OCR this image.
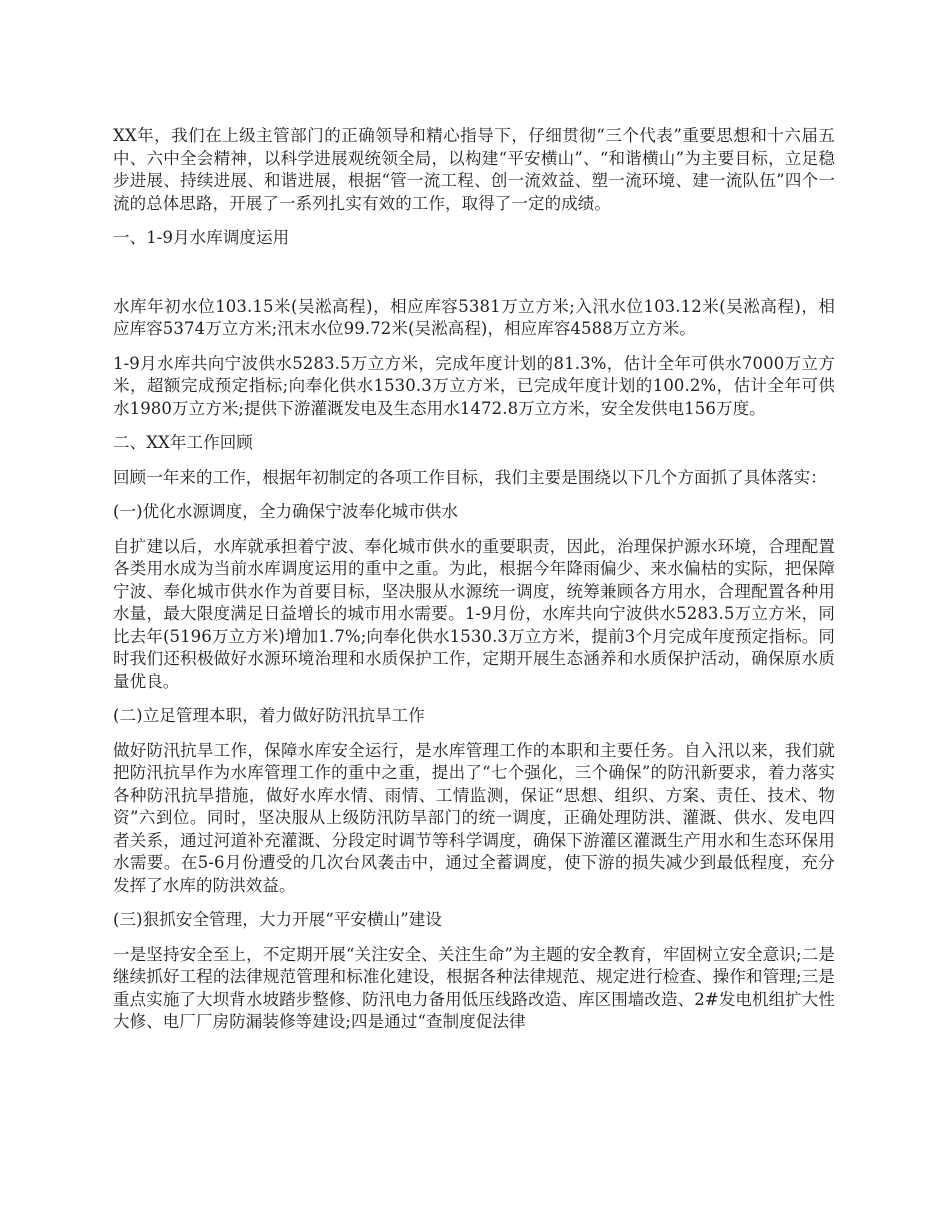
XX年，我们在上级主管部门的正确领导和精心指导下，仔细贯彻“三个代表”重要思想和十六届五中、六中全会精神，以科学进展观统领全局，以构建“平安横山”、“和谐横山”为主要目标，立足稳步进展、持续进展、和谐进展，根据“管一流工程、创一流效益、塑一流环境、建一流队伍”四个一流的总体思路，开展了一系列扎实有效的工作，取得了一定的成绩。

一、1-9月水库调度运用

水库年初水位103.15米(吴淞高程)，相应库容5381万立方米;入汛水位103.12米(吴淞高程)，相应库容5374万立方米;汛末水位99.72米(吴淞高程)，相应库容4588万立方米。

1-9月水库共向宁波供水5283.5万立方米，完成年度计划的81.3%，估计全年可供水7000万立方米，超额完成预定指标;向奉化供水1530.3万立方米，已完成年度计划的100.2%，估计全年可供水1980万立方米;提供下游灌溉发电及生态用水1472.8万立方米，安全发供电156万度。

二、XX年工作回顾

回顾一年来的工作，根据年初制定的各项工作目标，我们主要是围绕以下几个方面抓了具体落实：

(一)优化水源调度，全力确保宁波奉化城市供水

自扩建以后，水库就承担着宁波、奉化城市供水的重要职责，因此，治理保护源水环境，合理配置各类用水成为当前水库调度运用的重中之重。为此，根据今年降雨偏少、来水偏枯的实际，把保障宁波、奉化城市供水作为首要目标，坚决服从水源统一调度，统筹兼顾各方用水，合理配置各种用水量，最大限度满足日益增长的城市用水需要。1-9月份，水库共向宁波供水5283.5万立方米，同比去年(5196万立方米)增加1.7%;向奉化供水1530.3万立方米，提前3个月完成年度预定指标。同时我们还积极做好水源环境治理和水质保护工作，定期开展生态涵养和水质保护活动，确保原水质量优良。

(二)立足管理本职，着力做好防汛抗旱工作

做好防汛抗旱工作，保障水库安全运行，是水库管理工作的本职和主要任务。自入汛以来，我们就把防汛抗旱作为水库管理工作的重中之重，提出了“七个强化，三个确保”的防汛新要求，着力落实各种防汛抗旱措施，做好水库水情、雨情、工情监测，保证“思想、组织、方案、责任、技术、物资”六到位。同时，坚决服从上级防汛防旱部门的统一调度，正确处理防洪、灌溉、供水、发电四者关系，通过河道补充灌溉、分段定时调节等科学调度，确保下游灌区灌溉生产用水和生态环保用水需要。在5-6月份遭受的几次台风袭击中，通过全蓄调度，使下游的损失减少到最低程度，充分发挥了水库的防洪效益。

(三)狠抓安全管理，大力开展“平安横山”建设

一是坚持安全至上，不定期开展“关注安全、关注生命”为主题的安全教育，牢固树立安全意识;二是继续抓好工程的法律规范管理和标准化建设，根据各种法律规范、规定进行检查、操作和管理;三是重点实施了大坝背水坡踏步整修、防汛电力备用低压线路改造、库区围墙改造、2#发电机组扩大性大修、电厂厂房防漏装修等建设;四是通过“查制度促法律
